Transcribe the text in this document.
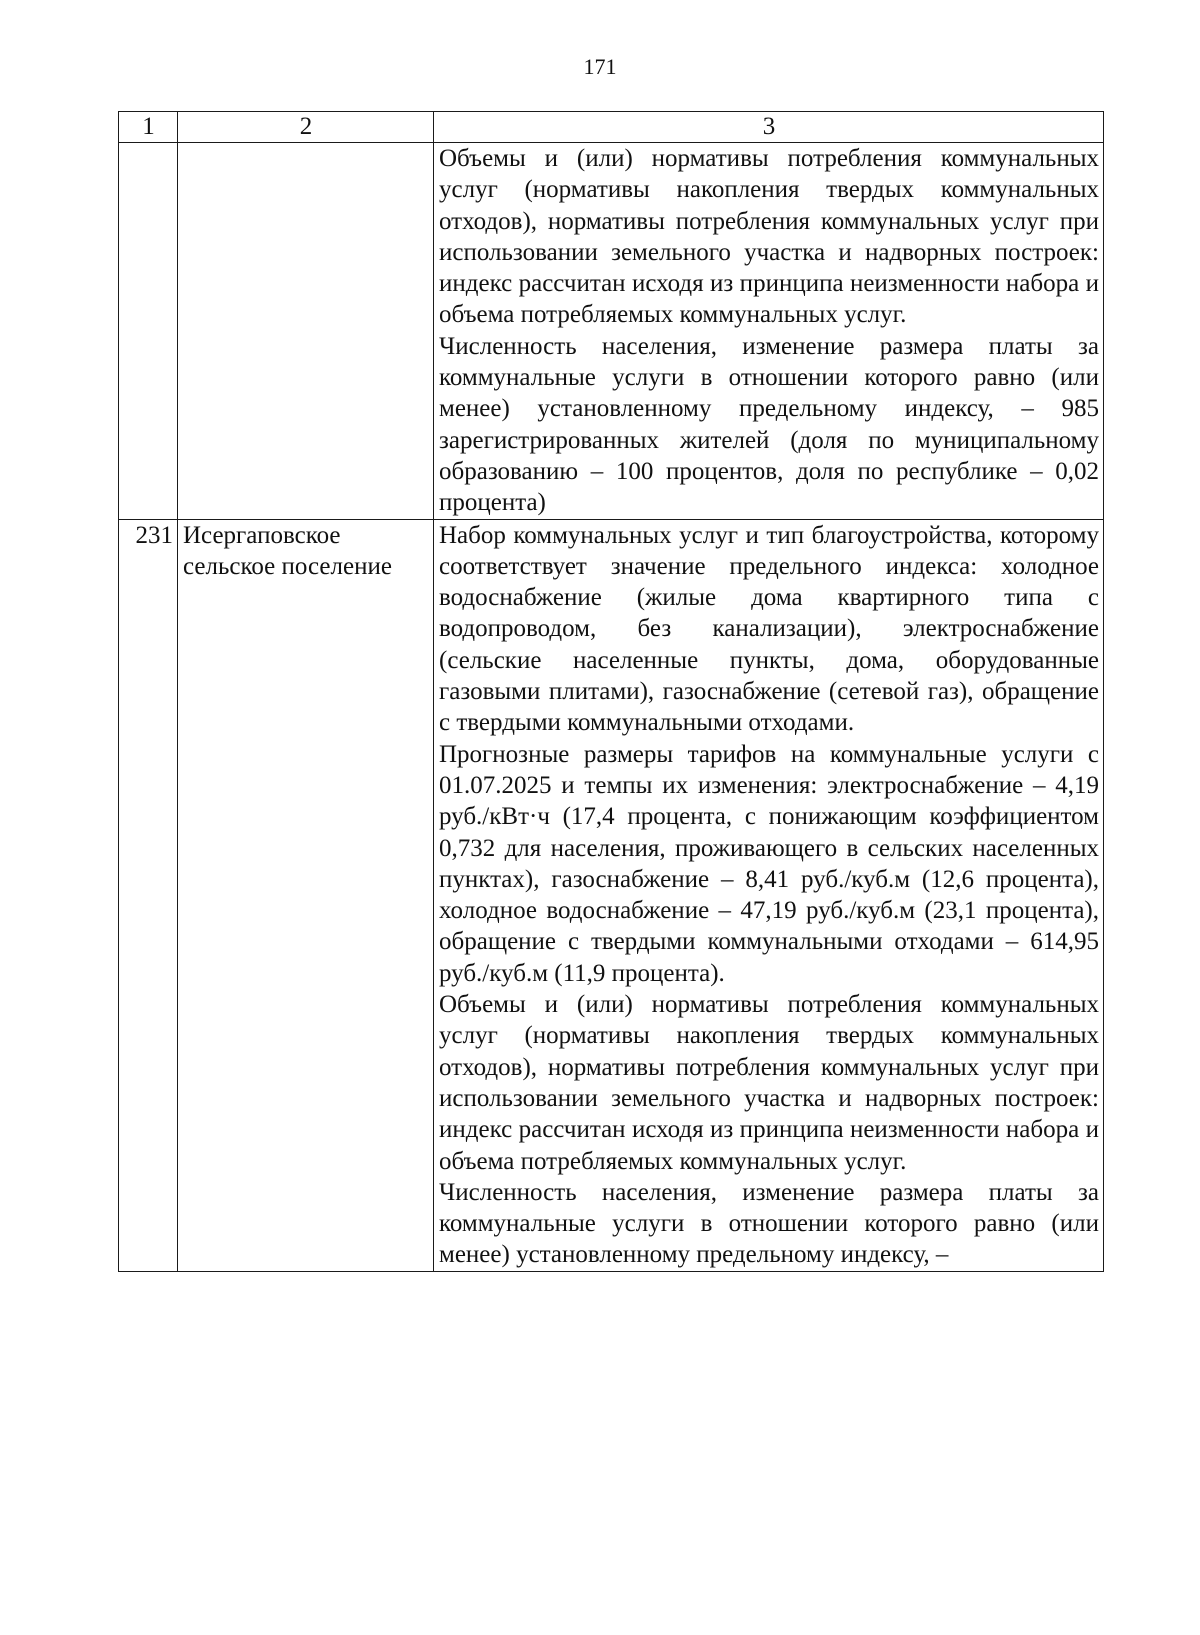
171
1	2	3

		Объемы и (или) нормативы потребления коммунальных услуг (нормативы накопления твердых коммунальных отходов), нормативы потребления коммунальных услуг при использовании земельного участка и надворных построек: индекс рассчитан исходя из принципа неизменности набора и объема потребляемых коммунальных услуг.

Численность населения, изменение размера платы за коммунальные услуги в отношении которого равно (или менее) установленному предельному индексу, – 985 зарегистрированных жителей (доля по муниципальному образованию – 100 процентов, доля по республике – 0,02 процента)

231	Исергаповское сельское поселение	Набор коммунальных услуг и тип благоустройства, которому соответствует значение предельного индекса: холодное водоснабжение (жилые дома квартирного типа с водопроводом, без канализации), электроснабжение (сельские населенные пункты, дома, оборудованные газовыми плитами), газоснабжение (сетевой газ), обращение с твердыми коммунальными отходами.

Прогнозные размеры тарифов на коммунальные услуги с 01.07.2025 и темпы их изменения: электроснабжение – 4,19 руб./кВт·ч (17,4 процента, с понижающим коэффициентом 0,732 для населения, проживающего в сельских населенных пунктах), газоснабжение – 8,41 руб./куб.м (12,6 процента), холодное водоснабжение – 47,19 руб./куб.м (23,1 процента), обращение с твердыми коммунальными отходами – 614,95 руб./куб.м (11,9 процента).

Объемы и (или) нормативы потребления коммунальных услуг (нормативы накопления твердых коммунальных отходов), нормативы потребления коммунальных услуг при использовании земельного участка и надворных построек: индекс рассчитан исходя из принципа неизменности набора и объема потребляемых коммунальных услуг.

Численность населения, изменение размера платы за коммунальные услуги в отношении которого равно (или менее) установленному предельному индексу, –
